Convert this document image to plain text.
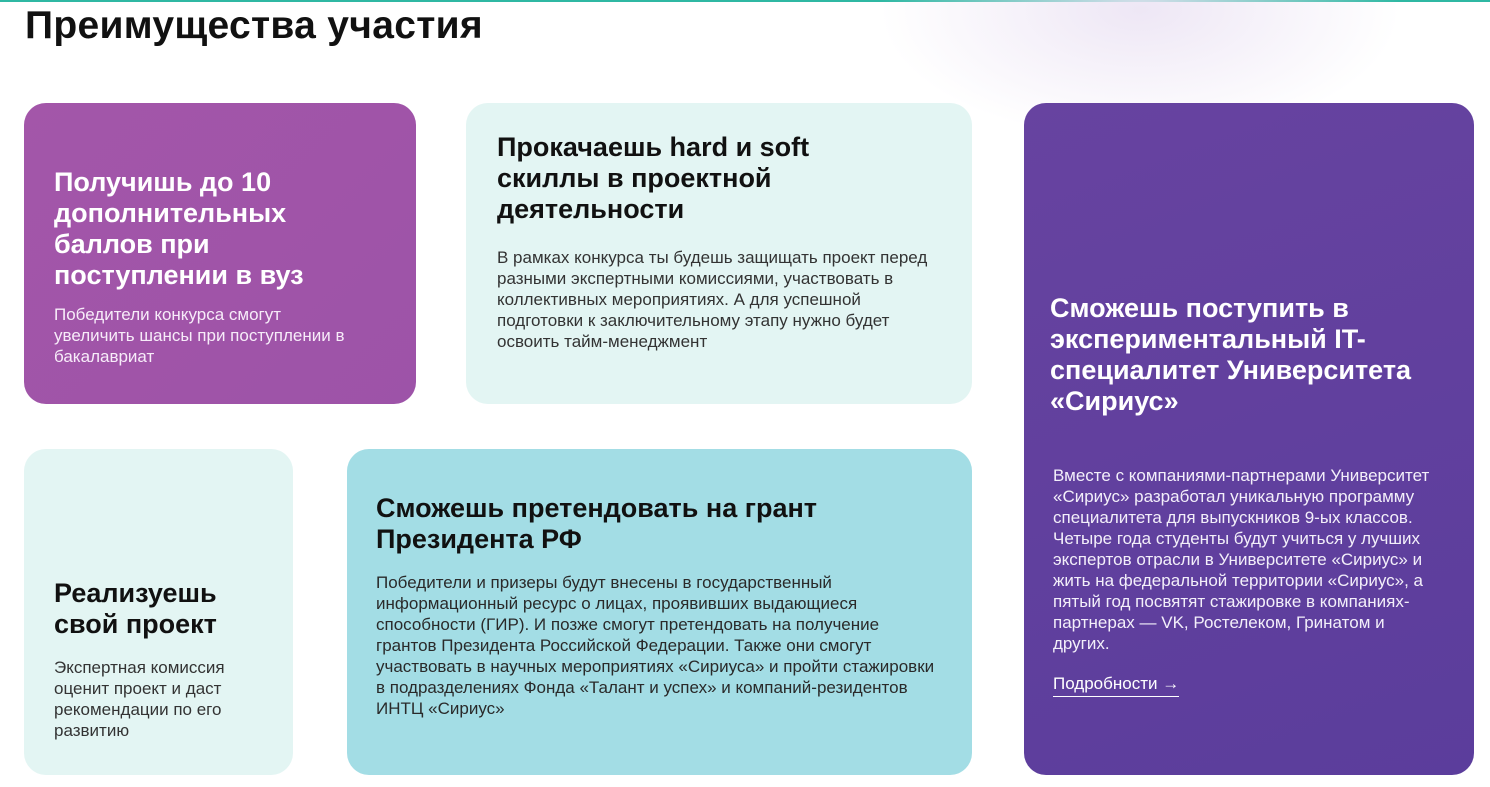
Преимущества участия
Получишь до 10 дополнительных баллов при поступлении в вуз

Победители конкурса смогут увеличить шансы при поступлении в бакалавриат

Прокачаешь hard и soft скиллы в проектной деятельности

В рамках конкурса ты будешь защищать проект перед разными экспертными комиссиями, участвовать в коллективных мероприятиях. А для успешной подготовки к заключительному этапу нужно будет освоить тайм-менеджмент

Сможешь поступить в экспериментальный IT-специалитет Университета «Сириус»

Вместе с компаниями-партнерами Университет «Сириус» разработал уникальную программу специалитета для выпускников 9-ых классов. Четыре года студенты будут учиться у лучших экспертов отрасли в Университете «Сириус» и жить на федеральной территории «Сириус», а пятый год посвятят стажировке в компаниях-партнерах — VK, Ростелеком, Гринатом и других.

Подробности →
Реализуешь свой проект

Экспертная комиссия оценит проект и даст рекомендации по его развитию

Сможешь претендовать на грант Президента РФ

Победители и призеры будут внесены в государственный информационный ресурс о лицах, проявивших выдающиеся способности (ГИР). И позже смогут претендовать на получение грантов Президента Российской Федерации. Также они смогут участвовать в научных мероприятиях «Сириуса» и пройти стажировки в подразделениях Фонда «Талант и успех» и компаний-резидентов ИНТЦ «Сириус»
